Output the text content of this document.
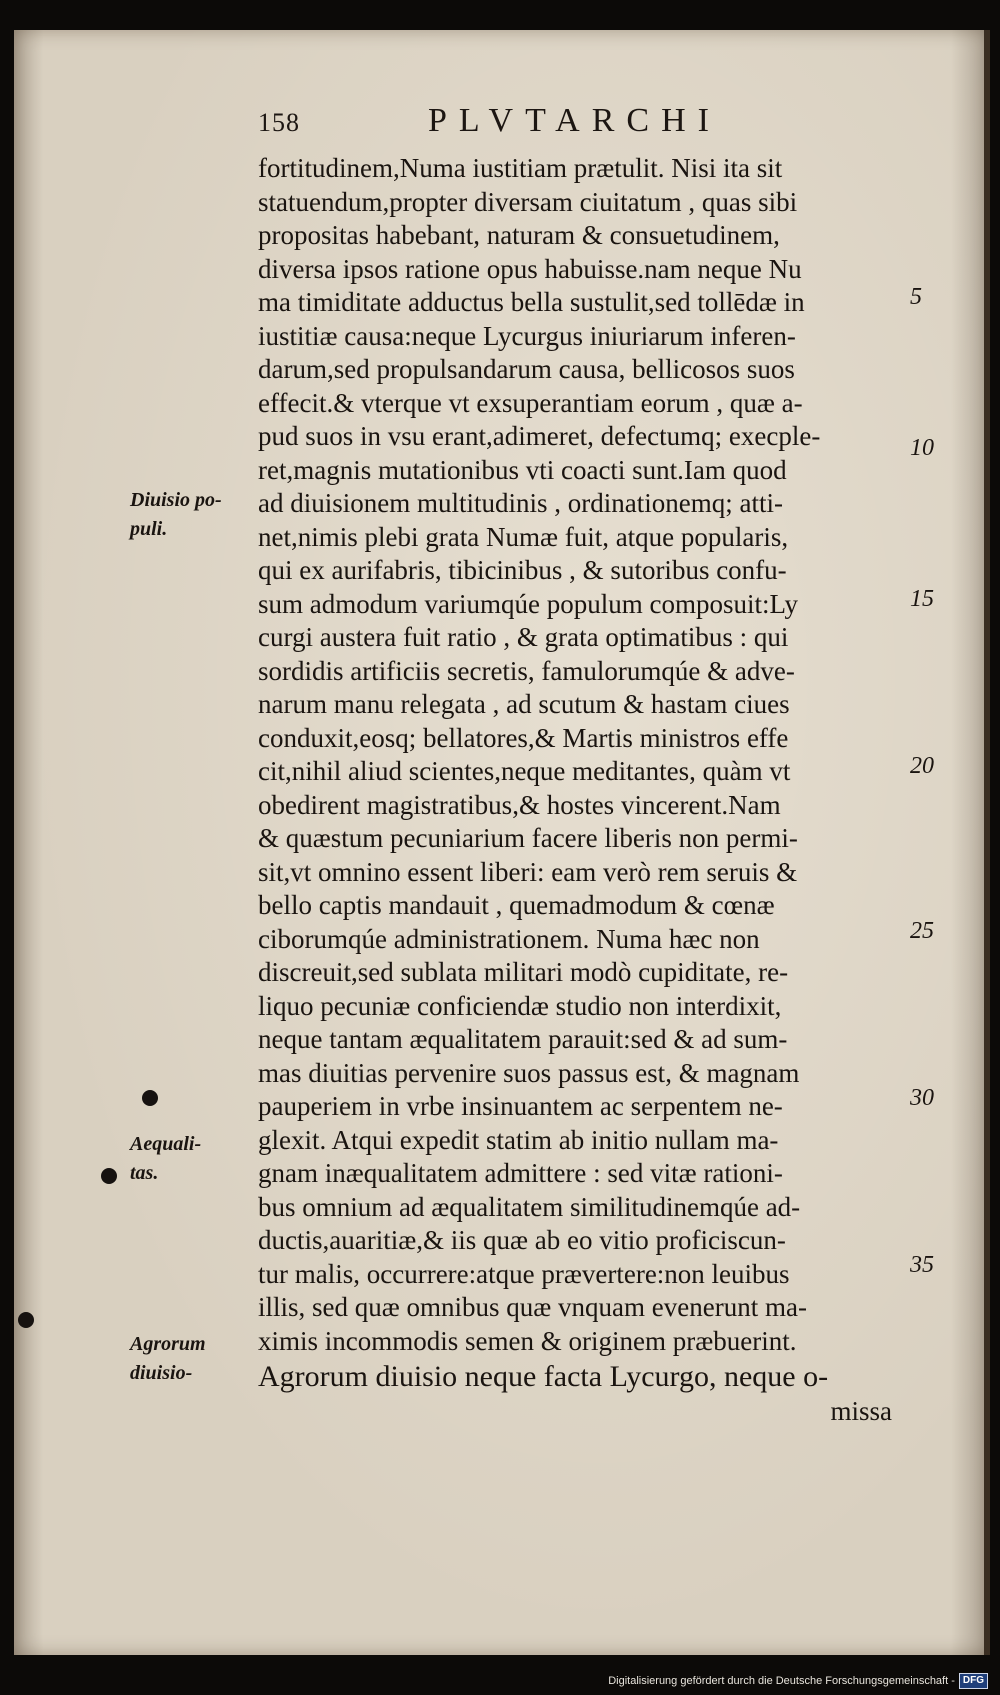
158	PLVTARCHI
fortitudinem,Numa iustitiam prætulit. Nisi ita sit
statuendum,propter diversam ciuitatum , quas sibi
propositas habebant, naturam & consuetudinem,
diversa ipsos ratione opus habuisse.nam neque Nu
ma timiditate adductus bella sustulit,sed tollēdæ in
iustitiæ causa:neque Lycurgus iniuriarum inferen-
darum,sed propulsandarum causa, bellicosos suos
effecit.& vterque vt exsuperantiam eorum , quæ a-
pud suos in vsu erant,adimeret, defectumq; execple-
ret,magnis mutationibus vti coacti sunt.Iam quod
ad diuisionem multitudinis , ordinationemq; atti-
net,nimis plebi grata Numæ fuit, atque popularis,
qui ex aurifabris, tibicinibus , & sutoribus confu-
sum admodum variumqúe populum composuit:Ly
curgi austera fuit ratio , & grata optimatibus : qui
sordidis artificiis secretis, famulorumqúe & adve-
narum manu relegata , ad scutum & hastam ciues
conduxit,eosq; bellatores,& Martis ministros effe
cit,nihil aliud scientes,neque meditantes, quàm vt
obedirent magistratibus,& hostes vincerent.Nam
& quæstum pecuniarium facere liberis non permi-
sit,vt omnino essent liberi: eam verò rem seruis &
bello captis mandauit , quemadmodum & cœnæ
ciborumqúe administrationem. Numa hæc non
discreuit,sed sublata militari modò cupiditate, re-
liquo pecuniæ conficiendæ studio non interdixit,
neque tantam æqualitatem parauit:sed & ad sum-
mas diuitias pervenire suos passus est, & magnam
pauperiem in vrbe insinuantem ac serpentem ne-
glexit. Atqui expedit statim ab initio nullam ma-
gnam inæqualitatem admittere : sed vitæ rationi-
bus omnium ad æqualitatem similitudinemqúe ad-
ductis,auaritiæ,& iis quæ ab eo vitio proficiscun-
tur malis, occurrere:atque prævertere:non leuibus
illis, sed quæ omnibus quæ vnquam evenerunt ma-
ximis incommodis semen & originem præbuerint.
Agrorum diuisio neque facta Lycurgo, neque o-
missa
5
10
15
20
25
30
35
Diuisio po-
puli.
Aequali-
tas.
Agrorum
diuisio-
Digitalisierung gefördert durch die Deutsche Forschungsgemeinschaft - DFG
